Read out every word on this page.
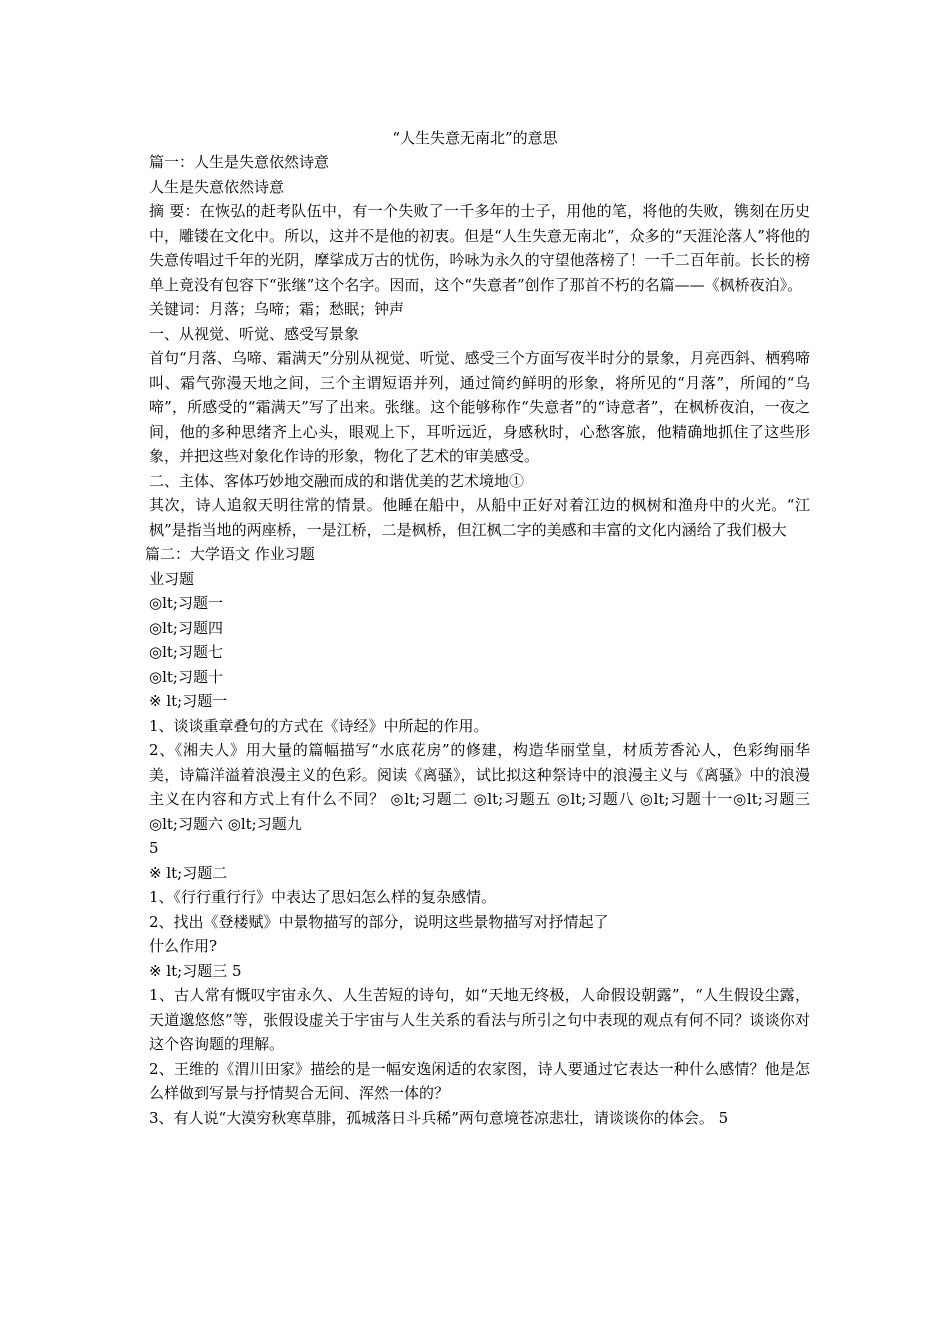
“人生失意无南北”的意思

篇一：人生是失意依然诗意

人生是失意依然诗意

摘 要：在恢弘的赶考队伍中，有一个失败了一千多年的士子，用他的笔，将他的失败，镌刻在历史中，雕镂在文化中。所以，这并不是他的初衷。但是“人生失意无南北”，众多的“天涯沦落人”将他的失意传唱过千年的光阴，摩挲成万古的忧伤，吟咏为永久的守望他落榜了！一千二百年前。长长的榜单上竟没有包容下“张继”这个名字。因而，这个“失意者”创作了那首不朽的名篇——《枫桥夜泊》。

关键词：月落；乌啼；霜；愁眠；钟声

一、从视觉、听觉、感受写景象

首句“月落、乌啼、霜满天”分别从视觉、听觉、感受三个方面写夜半时分的景象，月亮西斜、栖鸦啼叫、霜气弥漫天地之间，三个主谓短语并列，通过简约鲜明的形象，将所见的“月落”，所闻的“乌啼”，所感受的“霜满天”写了出来。张继。这个能够称作“失意者”的“诗意者”，在枫桥夜泊，一夜之间，他的多种思绪齐上心头，眼观上下，耳听远近，身感秋时，心愁客旅，他精确地抓住了这些形象，并把这些对象化作诗的形象，物化了艺术的审美感受。

二、主体、客体巧妙地交融而成的和谐优美的艺术境地①

其次，诗人追叙天明往常的情景。他睡在船中，从船中正好对着江边的枫树和渔舟中的火光。“江枫”是指当地的两座桥，一是江桥，二是枫桥，但江枫二字的美感和丰富的文化内涵给了我们极大

篇二：大学语文 作业习题

业习题

◎lt;习题一

◎lt;习题四

◎lt;习题七

◎lt;习题十

※ lt;习题一

1、谈谈重章叠句的方式在《诗经》中所起的作用。

2、《湘夫人》用大量的篇幅描写“水底花房”的修建，构造华丽堂皇，材质芳香沁人，色彩绚丽华美，诗篇洋溢着浪漫主义的色彩。阅读《离骚》，试比拟这种祭诗中的浪漫主义与《离骚》中的浪漫主义在内容和方式上有什么不同？ ◎lt;习题二 ◎lt;习题五 ◎lt;习题八 ◎lt;习题十一◎lt;习题三 ◎lt;习题六 ◎lt;习题九

5

※ lt;习题二

1、《行行重行行》中表达了思妇怎么样的复杂感情。

2、找出《登楼赋》中景物描写的部分，说明这些景物描写对抒情起了

什么作用?

※ lt;习题三 5

1、古人常有慨叹宇宙永久、人生苦短的诗句，如“天地无终极，人命假设朝露”，“人生假设尘露，天道邈悠悠”等，张假设虚关于宇宙与人生关系的看法与所引之句中表现的观点有何不同？谈谈你对这个咨询题的理解。

2、王维的《渭川田家》描绘的是一幅安逸闲适的农家图，诗人要通过它表达一种什么感情？他是怎么样做到写景与抒情契合无间、浑然一体的？

3、有人说“大漠穷秋寒草腓，孤城落日斗兵稀”两句意境苍凉悲壮，请谈谈你的体会。 5
